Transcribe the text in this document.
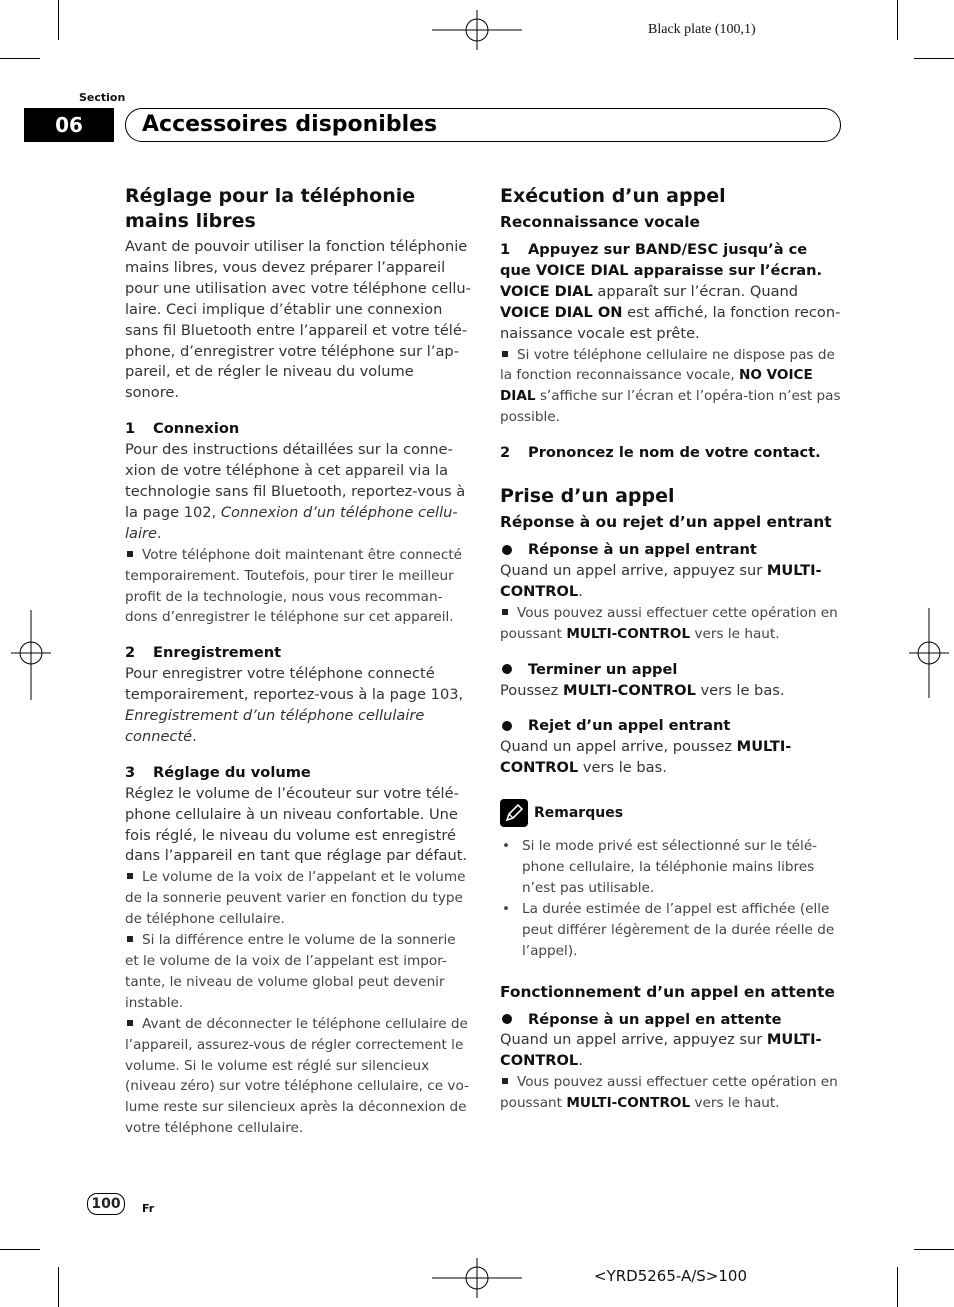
Black plate (100,1)
Section
06	Accessoires disponibles
Réglage pour la téléphonie mains libres

Avant de pouvoir utiliser la fonction téléphonie mains libres, vous devez préparer l’appareil pour une utilisation avec votre téléphone cellu-laire. Ceci implique d’établir une connexion sans fil Bluetooth entre l’appareil et votre télé-phone, d’enregistrer votre téléphone sur l’ap-pareil, et de régler le niveau du volume sonore.

1 Connexion

Pour des instructions détaillées sur la conne-xion de votre téléphone à cet appareil via la technologie sans fil Bluetooth, reportez-vous à la page 102, Connexion d’un téléphone cellu-laire.

Votre téléphone doit maintenant être connecté temporairement. Toutefois, pour tirer le meilleur profit de la technologie, nous vous recomman-dons d’enregistrer le téléphone sur cet appareil.

2 Enregistrement

Pour enregistrer votre téléphone connecté temporairement, reportez-vous à la page 103, Enregistrement d’un téléphone cellulaire connecté.

3 Réglage du volume

Réglez le volume de l’écouteur sur votre télé-phone cellulaire à un niveau confortable. Une fois réglé, le niveau du volume est enregistré dans l’appareil en tant que réglage par défaut.

Le volume de la voix de l’appelant et le volume de la sonnerie peuvent varier en fonction du type de téléphone cellulaire.

Si la différence entre le volume de la sonnerie et le volume de la voix de l’appelant est impor-tante, le niveau de volume global peut devenir instable.

Avant de déconnecter le téléphone cellulaire de l’appareil, assurez-vous de régler correctement le volume. Si le volume est réglé sur silencieux (niveau zéro) sur votre téléphone cellulaire, ce vo-lume reste sur silencieux après la déconnexion de votre téléphone cellulaire.

Exécution d’un appel
Reconnaissance vocale

1 Appuyez sur BAND/ESC jusqu’à ce que VOICE DIAL apparaisse sur l’écran.

VOICE DIAL apparaît sur l’écran. Quand VOICE DIAL ON est affiché, la fonction recon-naissance vocale est prête.

Si votre téléphone cellulaire ne dispose pas de la fonction reconnaissance vocale, NO VOICE DIAL s’affiche sur l’écran et l’opéra-tion n’est pas possible.

2 Prononcez le nom de votre contact.

Prise d’un appel
Réponse à ou rejet d’un appel entrant

Réponse à un appel entrant

Quand un appel arrive, appuyez sur MULTI-CONTROL.

Vous pouvez aussi effectuer cette opération en poussant MULTI-CONTROL vers le haut.

Terminer un appel

Poussez MULTI-CONTROL vers le bas.

Rejet d’un appel entrant

Quand un appel arrive, poussez MULTI-CONTROL vers le bas.

Remarques

• Si le mode privé est sélectionné sur le télé-phone cellulaire, la téléphonie mains libres n’est pas utilisable.

• La durée estimée de l’appel est affichée (elle peut différer légèrement de la durée réelle de l’appel).

Fonctionnement d’un appel en attente

Réponse à un appel en attente

Quand un appel arrive, appuyez sur MULTI-CONTROL.

Vous pouvez aussi effectuer cette opération en poussant MULTI-CONTROL vers le haut.

100	Fr
<YRD5265-A/S>100
